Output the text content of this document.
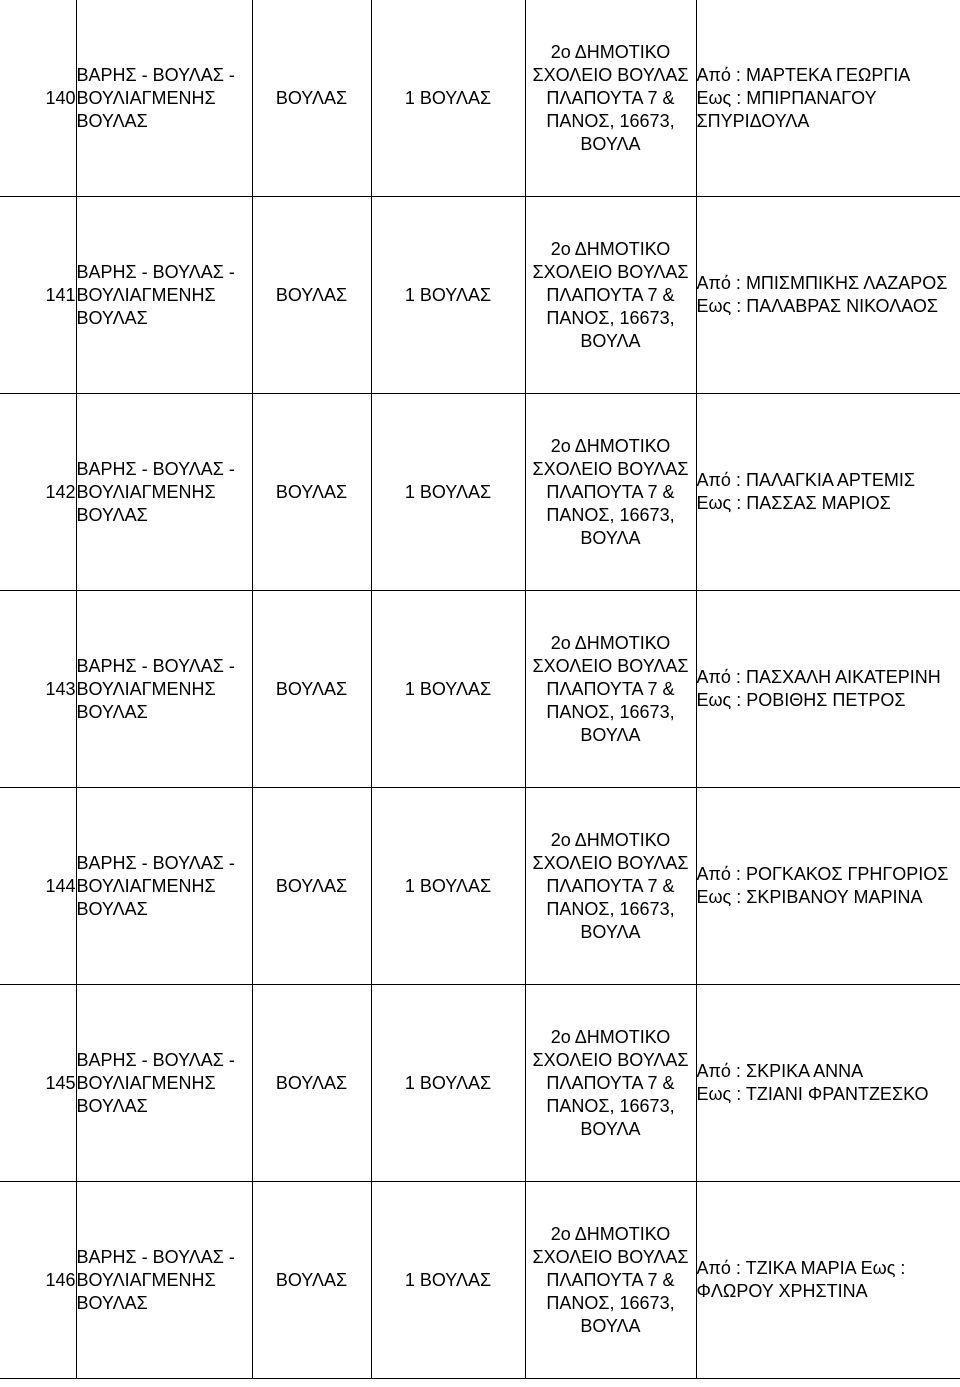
140	ΒΑΡΗΣ - ΒΟΥΛΑΣ -
ΒΟΥΛΙΑΓΜΕΝΗΣ
ΒΟΥΛΑΣ	ΒΟΥΛΑΣ	1 ΒΟΥΛΑΣ	2ο ΔΗΜΟΤΙΚΟ
ΣΧΟΛΕΙΟ ΒΟΥΛΑΣ
ΠΛΑΠΟΥΤΑ 7 &
ΠΑΝΟΣ, 16673,
ΒΟΥΛΑ	Από : ΜΑΡΤΕΚΑ ΓΕΩΡΓΙΑ
Εως : ΜΠΙΡΠΑΝΑΓΟΥ
ΣΠΥΡΙΔΟΥΛΑ

141	ΒΑΡΗΣ - ΒΟΥΛΑΣ -
ΒΟΥΛΙΑΓΜΕΝΗΣ
ΒΟΥΛΑΣ	ΒΟΥΛΑΣ	1 ΒΟΥΛΑΣ	2ο ΔΗΜΟΤΙΚΟ
ΣΧΟΛΕΙΟ ΒΟΥΛΑΣ
ΠΛΑΠΟΥΤΑ 7 &
ΠΑΝΟΣ, 16673,
ΒΟΥΛΑ	Από : ΜΠΙΣΜΠΙΚΗΣ ΛΑΖΑΡΟΣ
Εως : ΠΑΛΑΒΡΑΣ ΝΙΚΟΛΑΟΣ

142	ΒΑΡΗΣ - ΒΟΥΛΑΣ -
ΒΟΥΛΙΑΓΜΕΝΗΣ
ΒΟΥΛΑΣ	ΒΟΥΛΑΣ	1 ΒΟΥΛΑΣ	2ο ΔΗΜΟΤΙΚΟ
ΣΧΟΛΕΙΟ ΒΟΥΛΑΣ
ΠΛΑΠΟΥΤΑ 7 &
ΠΑΝΟΣ, 16673,
ΒΟΥΛΑ	Από : ΠΑΛΑΓΚΙΑ ΑΡΤΕΜΙΣ
Εως : ΠΑΣΣΑΣ ΜΑΡΙΟΣ

143	ΒΑΡΗΣ - ΒΟΥΛΑΣ -
ΒΟΥΛΙΑΓΜΕΝΗΣ
ΒΟΥΛΑΣ	ΒΟΥΛΑΣ	1 ΒΟΥΛΑΣ	2ο ΔΗΜΟΤΙΚΟ
ΣΧΟΛΕΙΟ ΒΟΥΛΑΣ
ΠΛΑΠΟΥΤΑ 7 &
ΠΑΝΟΣ, 16673,
ΒΟΥΛΑ	Από : ΠΑΣΧΑΛΗ ΑΙΚΑΤΕΡΙΝΗ
Εως : ΡΟΒΙΘΗΣ ΠΕΤΡΟΣ

144	ΒΑΡΗΣ - ΒΟΥΛΑΣ -
ΒΟΥΛΙΑΓΜΕΝΗΣ
ΒΟΥΛΑΣ	ΒΟΥΛΑΣ	1 ΒΟΥΛΑΣ	2ο ΔΗΜΟΤΙΚΟ
ΣΧΟΛΕΙΟ ΒΟΥΛΑΣ
ΠΛΑΠΟΥΤΑ 7 &
ΠΑΝΟΣ, 16673,
ΒΟΥΛΑ	Από : ΡΟΓΚΑΚΟΣ ΓΡΗΓΟΡΙΟΣ
Εως : ΣΚΡΙΒΑΝΟΥ ΜΑΡΙΝΑ

145	ΒΑΡΗΣ - ΒΟΥΛΑΣ -
ΒΟΥΛΙΑΓΜΕΝΗΣ
ΒΟΥΛΑΣ	ΒΟΥΛΑΣ	1 ΒΟΥΛΑΣ	2ο ΔΗΜΟΤΙΚΟ
ΣΧΟΛΕΙΟ ΒΟΥΛΑΣ
ΠΛΑΠΟΥΤΑ 7 &
ΠΑΝΟΣ, 16673,
ΒΟΥΛΑ	Από : ΣΚΡΙΚΑ ΑΝΝΑ
Εως : ΤΖΙΑΝΙ ΦΡΑΝΤΖΕΣΚΟ

146	ΒΑΡΗΣ - ΒΟΥΛΑΣ -
ΒΟΥΛΙΑΓΜΕΝΗΣ
ΒΟΥΛΑΣ	ΒΟΥΛΑΣ	1 ΒΟΥΛΑΣ	2ο ΔΗΜΟΤΙΚΟ
ΣΧΟΛΕΙΟ ΒΟΥΛΑΣ
ΠΛΑΠΟΥΤΑ 7 &
ΠΑΝΟΣ, 16673,
ΒΟΥΛΑ	Από : ΤΖΙΚΑ ΜΑΡΙΑ Εως :
ΦΛΩΡΟΥ ΧΡΗΣΤΙΝΑ
